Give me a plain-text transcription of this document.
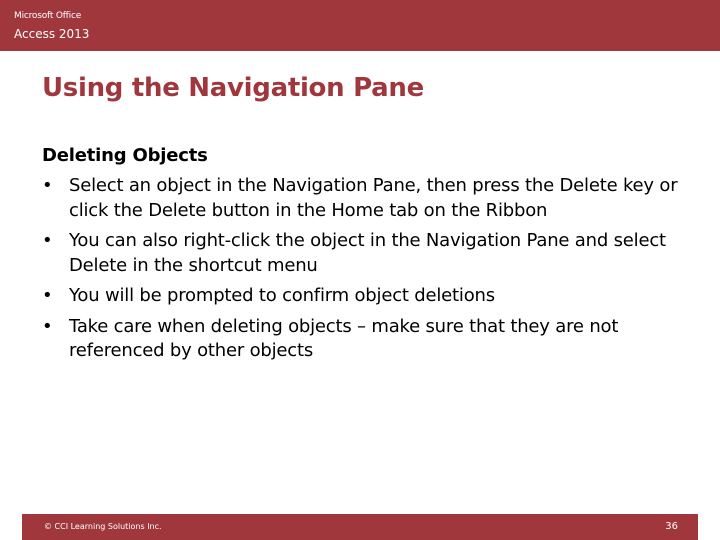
Microsoft Office
Access 2013
Using the Navigation Pane
Deleting Objects
• Select an object in the Navigation Pane, then press the Delete key or click the Delete button in the Home tab on the Ribbon
• You can also right-click the object in the Navigation Pane and select Delete in the shortcut menu
• You will be prompted to confirm object deletions
• Take care when deleting objects – make sure that they are not referenced by other objects
© CCI Learning Solutions Inc.	36
